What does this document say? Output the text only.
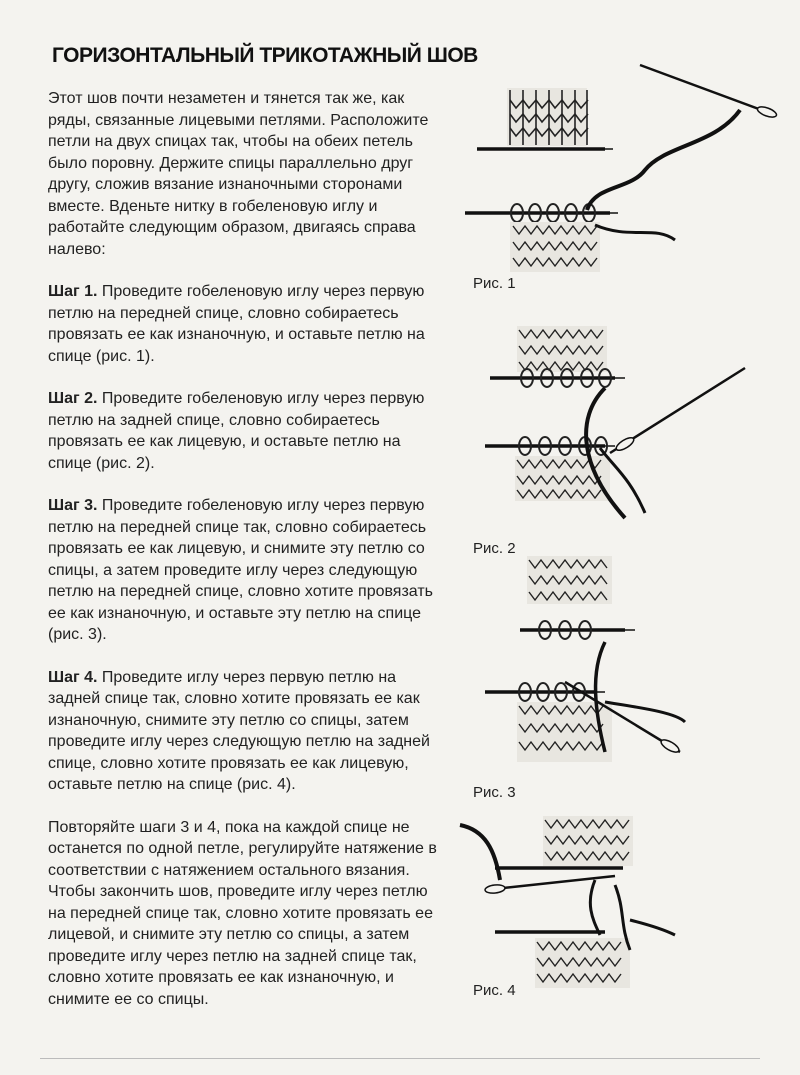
ГОРИЗОНТАЛЬНЫЙ ТРИКОТАЖНЫЙ ШОВ

Этот шов почти незаметен и тянется так же, как ряды, связанные лицевыми петлями. Расположите петли на двух спицах так, чтобы на обеих петель было поровну. Держите спицы параллельно друг другу, сложив вязание изнаночными сторонами вместе. Вденьте нитку в гобеленовую иглу и работайте следующим образом, двигаясь справа налево:

Шаг 1. Проведите гобеленовую иглу через первую петлю на передней спице, словно собираетесь провязать ее как изнаночную, и оставьте петлю на спице (рис. 1).

Шаг 2. Проведите гобеленовую иглу через первую петлю на задней спице, словно собираетесь провязать ее как лицевую, и оставьте петлю на спице (рис. 2).

Шаг 3. Проведите гобеленовую иглу через первую петлю на передней спице так, словно собираетесь провязать ее как лицевую, и снимите эту петлю со спицы, а затем проведите иглу через следующую петлю на передней спице, словно хотите провязать ее как изнаночную, и оставьте эту петлю на спице (рис. 3).

Шаг 4. Проведите иглу через первую петлю на задней спице так, словно хотите провязать ее как изнаночную, снимите эту петлю со спицы, затем проведите иглу через следующую петлю на задней спице, словно хотите провязать ее как лицевую, оставьте петлю на спице (рис. 4).

Повторяйте шаги 3 и 4, пока на каждой спице не останется по одной петле, регулируйте натяжение в соответствии с натяжением остального вязания. Чтобы закончить шов, проведите иглу через петлю на передней спице так, словно хотите провязать ее лицевой, и снимите эту петлю со спицы, а затем проведите иглу через петлю на задней спице так, словно хотите провязать ее как изнаночную, и снимите ее со спицы.

Рис. 1
Рис. 2
Рис. 3
Рис. 4
